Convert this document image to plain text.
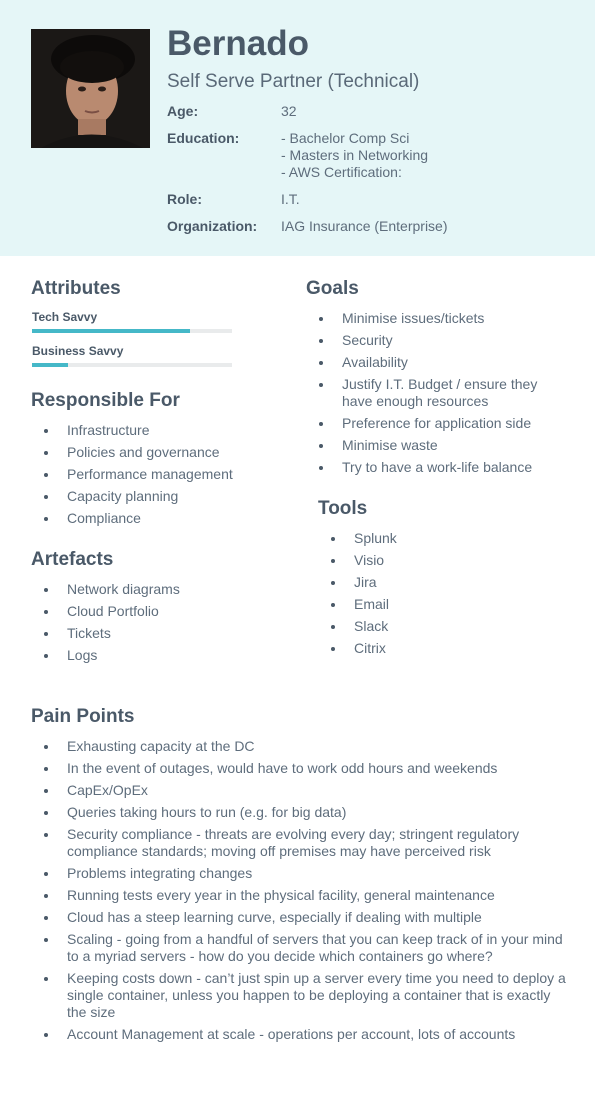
Bernado
Self Serve Partner (Technical)
Age:	32
Education:	- Bachelor Comp Sci
- Masters in Networking
- AWS Certification:
Role:	I.T.
Organization: IAG Insurance (Enterprise)
Attributes
Tech Savvy
Business Savvy
Responsible For
Infrastructure
Policies and governance
Performance management
Capacity planning
Compliance
Artefacts
Network diagrams
Cloud Portfolio
Tickets
Logs
Goals
Minimise issues/tickets
Security
Availability
Justify I.T. Budget / ensure they have enough resources
Preference for application side
Minimise waste
Try to have a work-life balance
Tools
Splunk
Visio
Jira
Email
Slack
Citrix
Pain Points
Exhausting capacity at the DC
In the event of outages, would have to work odd hours and weekends
CapEx/OpEx
Queries taking hours to run (e.g. for big data)
Security compliance - threats are evolving every day; stringent regulatory compliance standards; moving off premises may have perceived risk
Problems integrating changes
Running tests every year in the physical facility, general maintenance
Cloud has a steep learning curve, especially if dealing with multiple
Scaling - going from a handful of servers that you can keep track of in your mind to a myriad servers - how do you decide which containers go where?
Keeping costs down - can’t just spin up a server every time you need to deploy a single container, unless you happen to be deploying a container that is exactly the size
Account Management at scale - operations per account, lots of accounts
